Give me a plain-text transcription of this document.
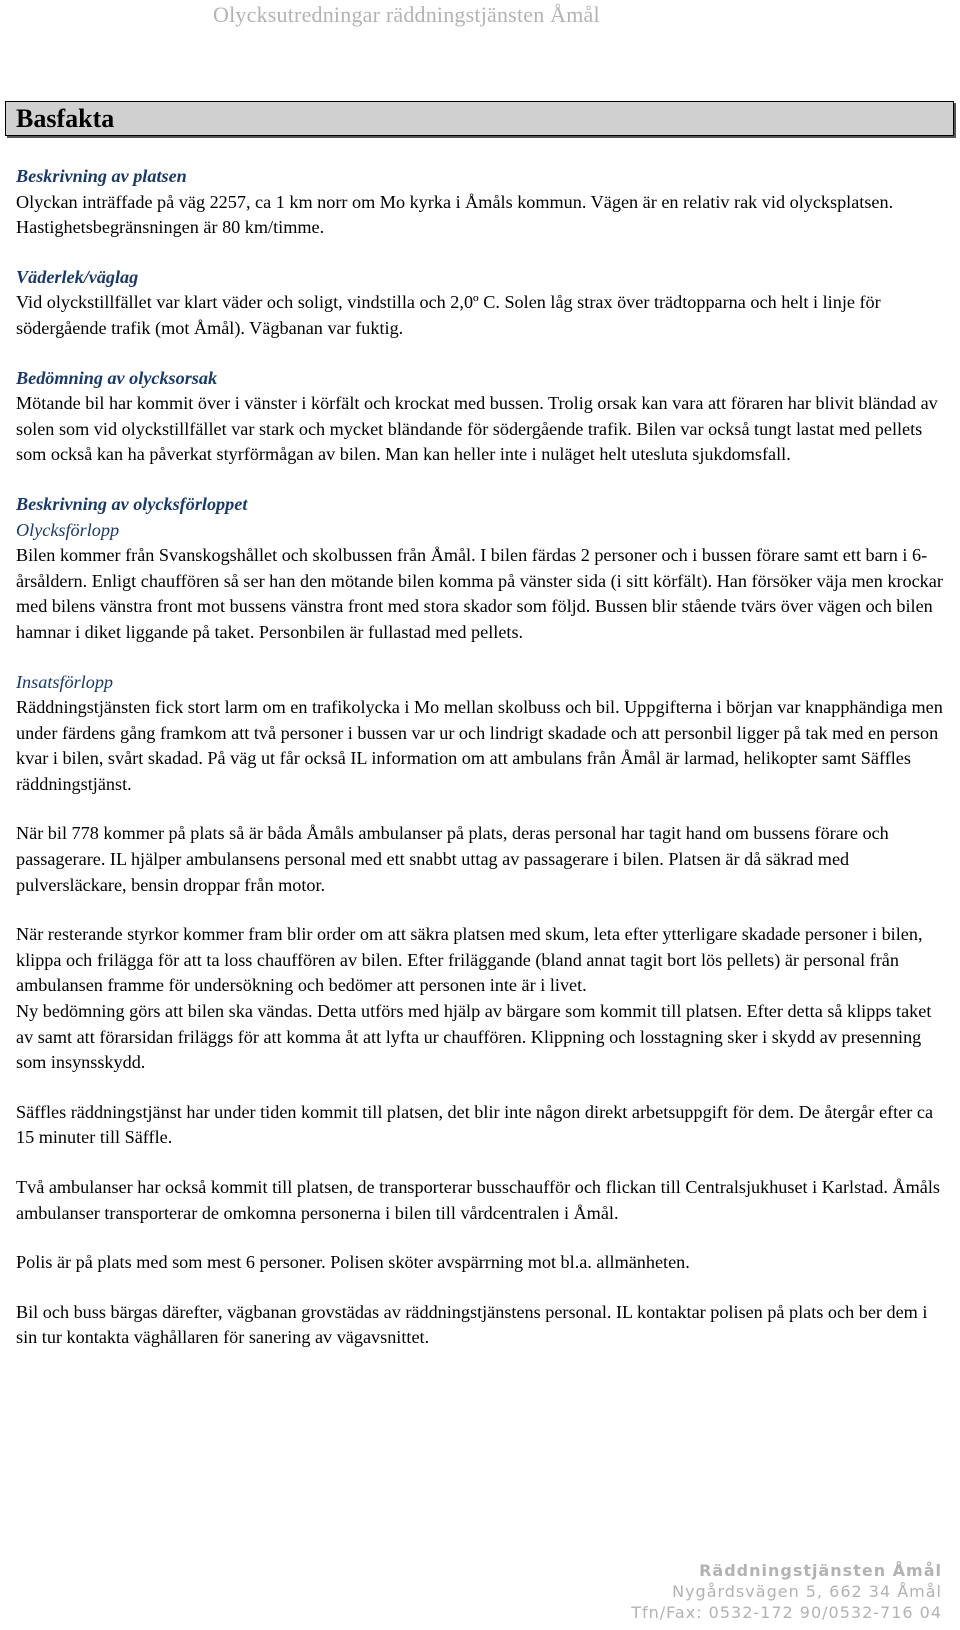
Olycksutredningar räddningstjänsten Åmål
Basfakta

Beskrivning av platsen

Olyckan inträffade på väg 2257, ca 1 km norr om Mo kyrka i Åmåls kommun. Vägen är en relativ rak vid olycksplatsen. Hastighetsbegränsningen är 80 km/timme.

Väderlek/väglag

Vid olyckstillfället var klart väder och soligt, vindstilla och 2,0º C. Solen låg strax över trädtopparna och helt i linje för södergående trafik (mot Åmål). Vägbanan var fuktig.

Bedömning av olycksorsak

Mötande bil har kommit över i vänster i körfält och krockat med bussen. Trolig orsak kan vara att föraren har blivit bländad av solen som vid olyckstillfället var stark och mycket bländande för södergående trafik. Bilen var också tungt lastat med pellets som också kan ha påverkat styrförmågan av bilen. Man kan heller inte i nuläget helt utesluta sjukdomsfall.

Beskrivning av olycksförloppet

Olycksförlopp

Bilen kommer från Svanskogshållet och skolbussen från Åmål. I bilen färdas 2 personer och i bussen förare samt ett barn i 6-årsåldern. Enligt chauffören så ser han den mötande bilen komma på vänster sida (i sitt körfält). Han försöker väja men krockar med bilens vänstra front mot bussens vänstra front med stora skador som följd. Bussen blir stående tvärs över vägen och bilen hamnar i diket liggande på taket. Personbilen är fullastad med pellets.

Insatsförlopp

Räddningstjänsten fick stort larm om en trafikolycka i Mo mellan skolbuss och bil. Uppgifterna i början var knapphändiga men under färdens gång framkom att två personer i bussen var ur och lindrigt skadade och att personbil ligger på tak med en person kvar i bilen, svårt skadad. På väg ut får också IL information om att ambulans från Åmål är larmad, helikopter samt Säffles räddningstjänst.

När bil 778 kommer på plats så är båda Åmåls ambulanser på plats, deras personal har tagit hand om bussens förare och passagerare. IL hjälper ambulansens personal med ett snabbt uttag av passagerare i bilen. Platsen är då säkrad med pulversläckare, bensin droppar från motor.

När resterande styrkor kommer fram blir order om att säkra platsen med skum, leta efter ytterligare skadade personer i bilen, klippa och frilägga för att ta loss chauffören av bilen. Efter friläggande (bland annat tagit bort lös pellets) är personal från ambulansen framme för undersökning och bedömer att personen inte är i livet.

Ny bedömning görs att bilen ska vändas. Detta utförs med hjälp av bärgare som kommit till platsen. Efter detta så klipps taket av samt att förarsidan friläggs för att komma åt att lyfta ur chauffören. Klippning och losstagning sker i skydd av presenning som insynsskydd.

Säffles räddningstjänst har under tiden kommit till platsen, det blir inte någon direkt arbetsuppgift för dem. De återgår efter ca 15 minuter till Säffle.

Två ambulanser har också kommit till platsen, de transporterar busschaufför och flickan till Centralsjukhuset i Karlstad. Åmåls ambulanser transporterar de omkomna personerna i bilen till vårdcentralen i Åmål.

Polis är på plats med som mest 6 personer. Polisen sköter avspärrning mot bl.a. allmänheten.

Bil och buss bärgas därefter, vägbanan grovstädas av räddningstjänstens personal. IL kontaktar polisen på plats och ber dem i sin tur kontakta väghållaren för sanering av vägavsnittet.

Räddningstjänsten Åmål
Nygårdsvägen 5, 662 34 Åmål
Tfn/Fax: 0532-172 90/0532-716 04
